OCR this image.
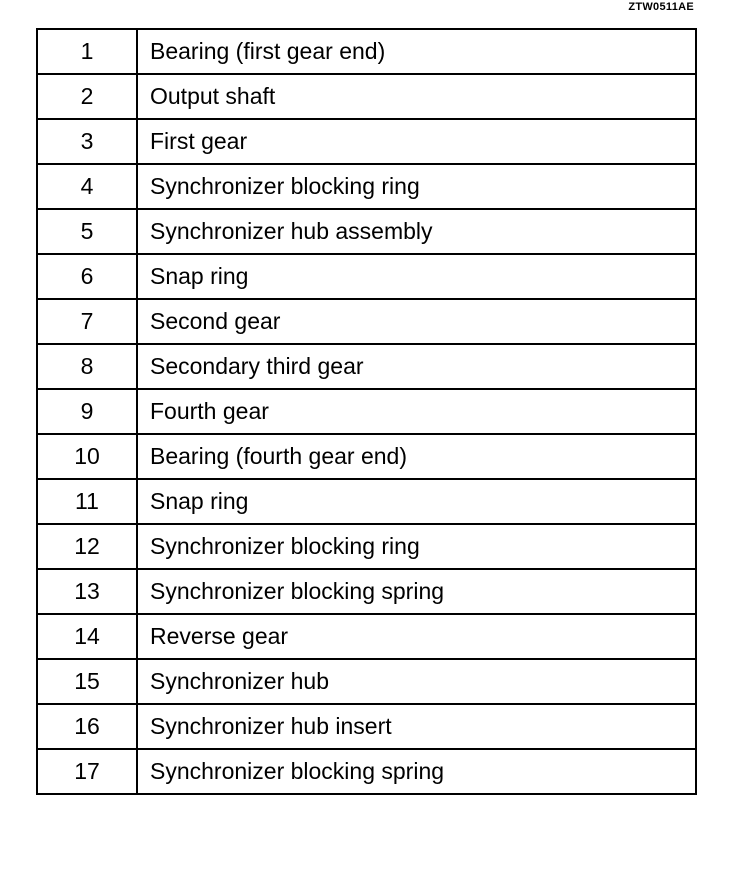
ZTW0511AE
1	Bearing (first gear end)
2	Output shaft
3	First gear
4	Synchronizer blocking ring
5	Synchronizer hub assembly
6	Snap ring
7	Second gear
8	Secondary third gear
9	Fourth gear
10	Bearing (fourth gear end)
11	Snap ring
12	Synchronizer blocking ring
13	Synchronizer blocking spring
14	Reverse gear
15	Synchronizer hub
16	Synchronizer hub insert
17	Synchronizer blocking spring
